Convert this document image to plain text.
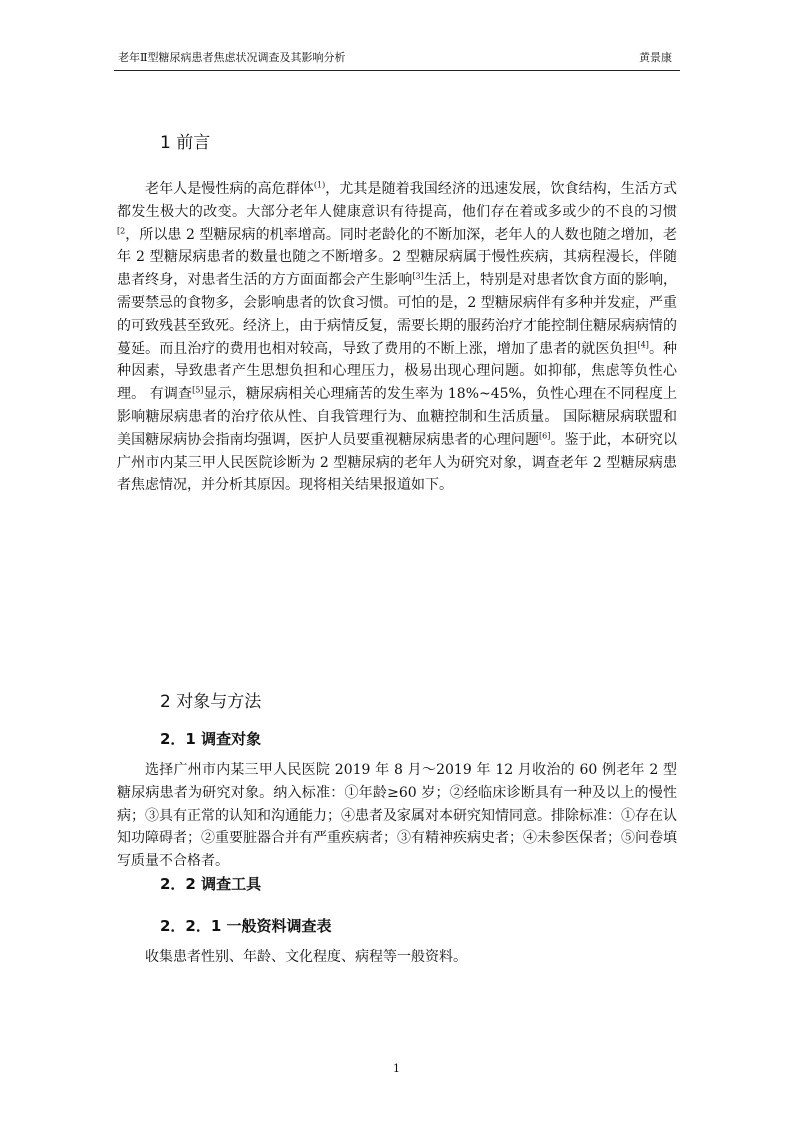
老年Ⅱ型糖尿病患者焦虑状况调查及其影响分析	黄景康
1 前言

老年人是慢性病的高危群体$^{(1)}$，尤其是随着我国经济的迅速发展，饮食结构，生活方式都发生极大的改变。大部分老年人健康意识有待提高，他们存在着或多或少的不良的习惯$^{[2}$，所以患 2 型糖尿病的机率增高。同时老龄化的不断加深，老年人的人数也随之增加，老年 2 型糖尿病患者的数量也随之不断增多。2 型糖尿病属于慢性疾病，其病程漫长，伴随患者终身，对患者生活的方方面面都会产生影响[3]生活上，特别是对患者饮食方面的影响，需要禁忌的食物多，会影响患者的饮食习惯。可怕的是，2 型糖尿病伴有多种并发症，严重的可致残甚至致死。经济上，由于病情反复，需要长期的服药治疗才能控制住糖尿病病情的蔓延。而且治疗的费用也相对较高，导致了费用的不断上涨，增加了患者的就医负担[4]。种种因素，导致患者产生思想负担和心理压力，极易出现心理问题。如抑郁，焦虑等负性心理。 有调查[5]显示，糖尿病相关心理痛苦的发生率为 18%~45%，负性心理在不同程度上影响糖尿病患者的治疗依从性、自我管理行为、血糖控制和生活质量。 国际糖尿病联盟和美国糖尿病协会指南均强调，医护人员要重视糖尿病患者的心理问题[6]。鉴于此，本研究以广州市内某三甲人民医院诊断为 2 型糖尿病的老年人为研究对象，调查老年 2 型糖尿病患者焦虑情况，并分析其原因。现将相关结果报道如下。

2 对象与方法
2．1 调查对象

选择广州市内某三甲人民医院 2019 年 8 月～2019 年 12 月收治的 60 例老年 2 型糖尿病患者为研究对象。纳入标准：①年龄≥60 岁；②经临床诊断具有一种及以上的慢性病；③具有正常的认知和沟通能力；④患者及家属对本研究知情同意。排除标准：①存在认知功障碍者；②重要脏器合并有严重疾病者；③有精神疾病史者；④未参医保者；⑤问卷填写质量不合格者。

2．2 调查工具
2．2．1 一般资料调查表

收集患者性别、年龄、文化程度、病程等一般资料。

1
